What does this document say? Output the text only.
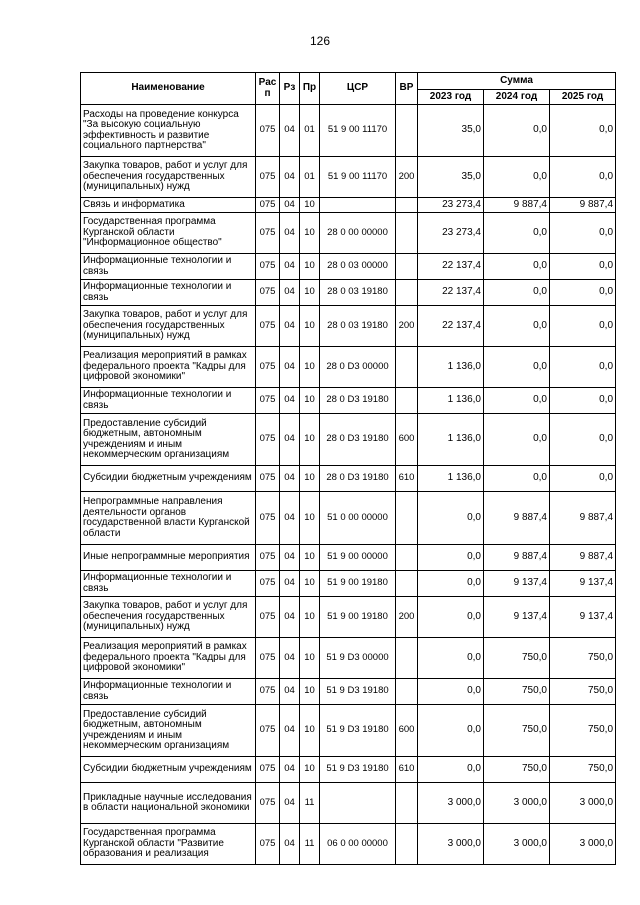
126
Наименование	Рас п	Рз	Пр	ЦСР	ВР	Сумма		
						2023 год	2024 год	2025 год
Расходы на проведение конкурса "За высокую социальную эффективность и развитие социального партнерства"	075	04	01	51 9 00 11170		35,0	0,0	0,0
Закупка товаров, работ и услуг для обеспечения государственных (муниципальных) нужд	075	04	01	51 9 00 11170	200	35,0	0,0	0,0
Связь и информатика	075	04	10			23 273,4	9 887,4	9 887,4
Государственная программа Курганской области "Информационное общество"	075	04	10	28 0 00 00000		23 273,4	0,0	0,0
Информационные технологии и связь	075	04	10	28 0 03 00000		22 137,4	0,0	0,0
Информационные технологии и связь	075	04	10	28 0 03 19180		22 137,4	0,0	0,0
Закупка товаров, работ и услуг для обеспечения государственных (муниципальных) нужд	075	04	10	28 0 03 19180	200	22 137,4	0,0	0,0
Реализация мероприятий в рамках федерального проекта "Кадры для цифровой экономики"	075	04	10	28 0 D3 00000		1 136,0	0,0	0,0
Информационные технологии и связь	075	04	10	28 0 D3 19180		1 136,0	0,0	0,0
Предоставление субсидий бюджетным, автономным учреждениям и иным некоммерческим организациям	075	04	10	28 0 D3 19180	600	1 136,0	0,0	0,0
Субсидии бюджетным учреждениям	075	04	10	28 0 D3 19180	610	1 136,0	0,0	0,0
Непрограммные направления деятельности органов государственной власти Курганской области	075	04	10	51 0 00 00000		0,0	9 887,4	9 887,4
Иные непрограммные мероприятия	075	04	10	51 9 00 00000		0,0	9 887,4	9 887,4
Информационные технологии и связь	075	04	10	51 9 00 19180		0,0	9 137,4	9 137,4
Закупка товаров, работ и услуг для обеспечения государственных (муниципальных) нужд	075	04	10	51 9 00 19180	200	0,0	9 137,4	9 137,4
Реализация мероприятий в рамках федерального проекта "Кадры для цифровой экономики"	075	04	10	51 9 D3 00000		0,0	750,0	750,0
Информационные технологии и связь	075	04	10	51 9 D3 19180		0,0	750,0	750,0
Предоставление субсидий бюджетным, автономным учреждениям и иным некоммерческим организациям	075	04	10	51 9 D3 19180	600	0,0	750,0	750,0
Субсидии бюджетным учреждениям	075	04	10	51 9 D3 19180	610	0,0	750,0	750,0
Прикладные научные исследования в области национальной экономики	075	04	11			3 000,0	3 000,0	3 000,0
Государственная программа Курганской области "Развитие образования и реализация	075	04	11	06 0 00 00000		3 000,0	3 000,0	3 000,0
